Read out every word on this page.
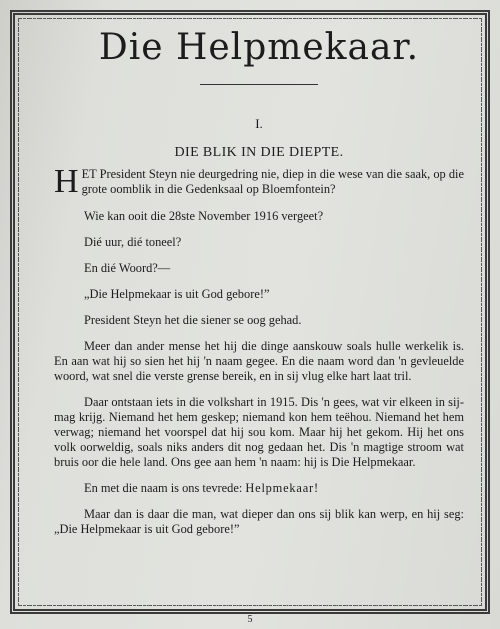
Die Helpmekaar.
I.
DIE BLIK IN DIE DIEPTE.

HET President Steyn nie deurgedring nie, diep in die wese van die saak, op die grote oomblik in die Gedenksaal op Bloemfontein?

Wie kan ooit die 28ste November 1916 vergeet?

Dié uur, dié toneel?

En dié Woord?—

„Die Helpmekaar is uit God gebore!”

President Steyn het die siener se oog gehad.

Meer dan ander mense het hij die dinge aanskouw soals hulle werkelik is. En aan wat hij so sien het hij 'n naam gegee. En die naam word dan 'n gevleuelde woord, wat snel die verste grense bereik, en in sij vlug elke hart laat tril.

Daar ontstaan iets in die volkshart in 1915. Dis 'n gees, wat vir elkeen in sij-mag krijg. Niemand het hem geskep; niemand kon hem teëhou. Niemand het hem verwag; niemand het voorspel dat hij sou kom. Maar hij het gekom. Hij het ons volk oorweldig, soals niks anders dit nog gedaan het. Dis 'n magtige stroom wat bruis oor die hele land. Ons gee aan hem 'n naam: hij is Die Helpmekaar.

En met die naam is ons tevrede: Helpmekaar!

Maar dan is daar die man, wat dieper dan ons sij blik kan werp, en hij seg: „Die Helpmekaar is uit God gebore!”

5
